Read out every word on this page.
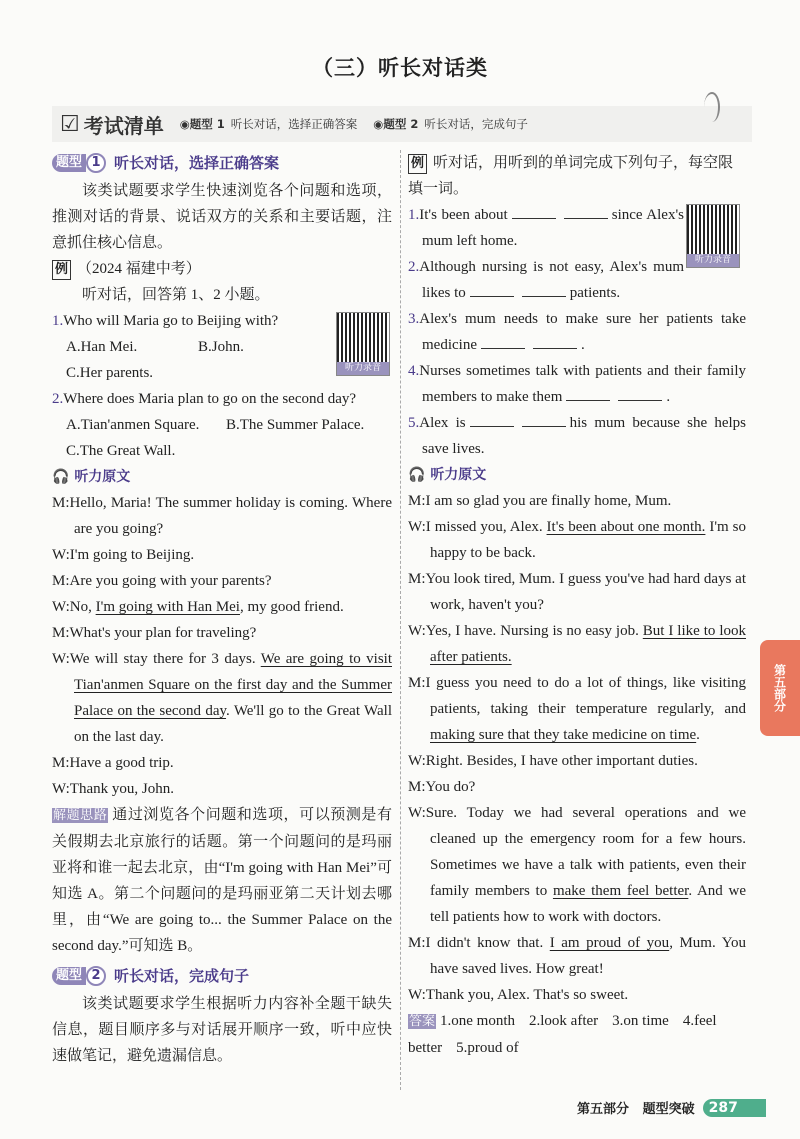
（三）听长对话类
☑ 考试清单 ◉题型 1 听长对话，选择正确答案 ◉题型 2 听长对话，完成句子
题型 1 听长对话，选择正确答案
该类试题要求学生快速浏览各个问题和选项，推测对话的背景、说话双方的关系和主要话题，注意抓住核心信息。
例 （2024 福建中考）
听对话，回答第 1、2 小题。
听力录音
1.Who will Maria go to Beijing with?
A.Han Mei.	B.John.
C.Her parents.
2.Where does Maria plan to go on the second day?
A.Tian'anmen Square.	B.The Summer Palace.
C.The Great Wall.
🎧 听力原文
M:Hello, Maria! The summer holiday is coming. Where are you going?
W:I'm going to Beijing.
M:Are you going with your parents?
W:No, I'm going with Han Mei, my good friend.
M:What's your plan for traveling?
W:We will stay there for 3 days. We are going to visit Tian'anmen Square on the first day and the Summer Palace on the second day. We'll go to the Great Wall on the last day.
M:Have a good trip.
W:Thank you, John.
解题思路 通过浏览各个问题和选项，可以预测是有关假期去北京旅行的话题。第一个问题问的是玛丽亚将和谁一起去北京，由“I'm going with Han Mei”可知选 A。第二个问题问的是玛丽亚第二天计划去哪里，由“We are going to... the Summer Palace on the second day.”可知选 B。
题型 2 听长对话，完成句子
该类试题要求学生根据听力内容补全题干缺失信息，题目顺序多与对话展开顺序一致，听中应快速做笔记，避免遗漏信息。
例 听对话，用听到的单词完成下列句子，每空限填一词。
听力录音
1.It's been about	since Alex's mum left home.
2.Although nursing is not easy, Alex's mum likes to	patients.
3.Alex's mum needs to make sure her patients take medicine	.
4.Nurses sometimes talk with patients and their family members to make them	.
5.Alex is	his mum because she helps save lives.
🎧 听力原文
M:I am so glad you are finally home, Mum.
W:I missed you, Alex. It's been about one month. I'm so happy to be back.
M:You look tired, Mum. I guess you've had hard days at work, haven't you?
W:Yes, I have. Nursing is no easy job. But I like to look after patients.
M:I guess you need to do a lot of things, like visiting patients, taking their temperature regularly, and making sure that they take medicine on time.
W:Right. Besides, I have other important duties.
M:You do?
W:Sure. Today we had several operations and we cleaned up the emergency room for a few hours. Sometimes we have a talk with patients, even their family members to make them feel better. And we tell patients how to work with doctors.
M:I didn't know that. I am proud of you, Mum. You have saved lives. How great!
W:Thank you, Alex. That's so sweet.
答案 1.one month 2.look after 3.on time 4.feel better 5.proud of
第五部分
第五部分
题型突破	287
